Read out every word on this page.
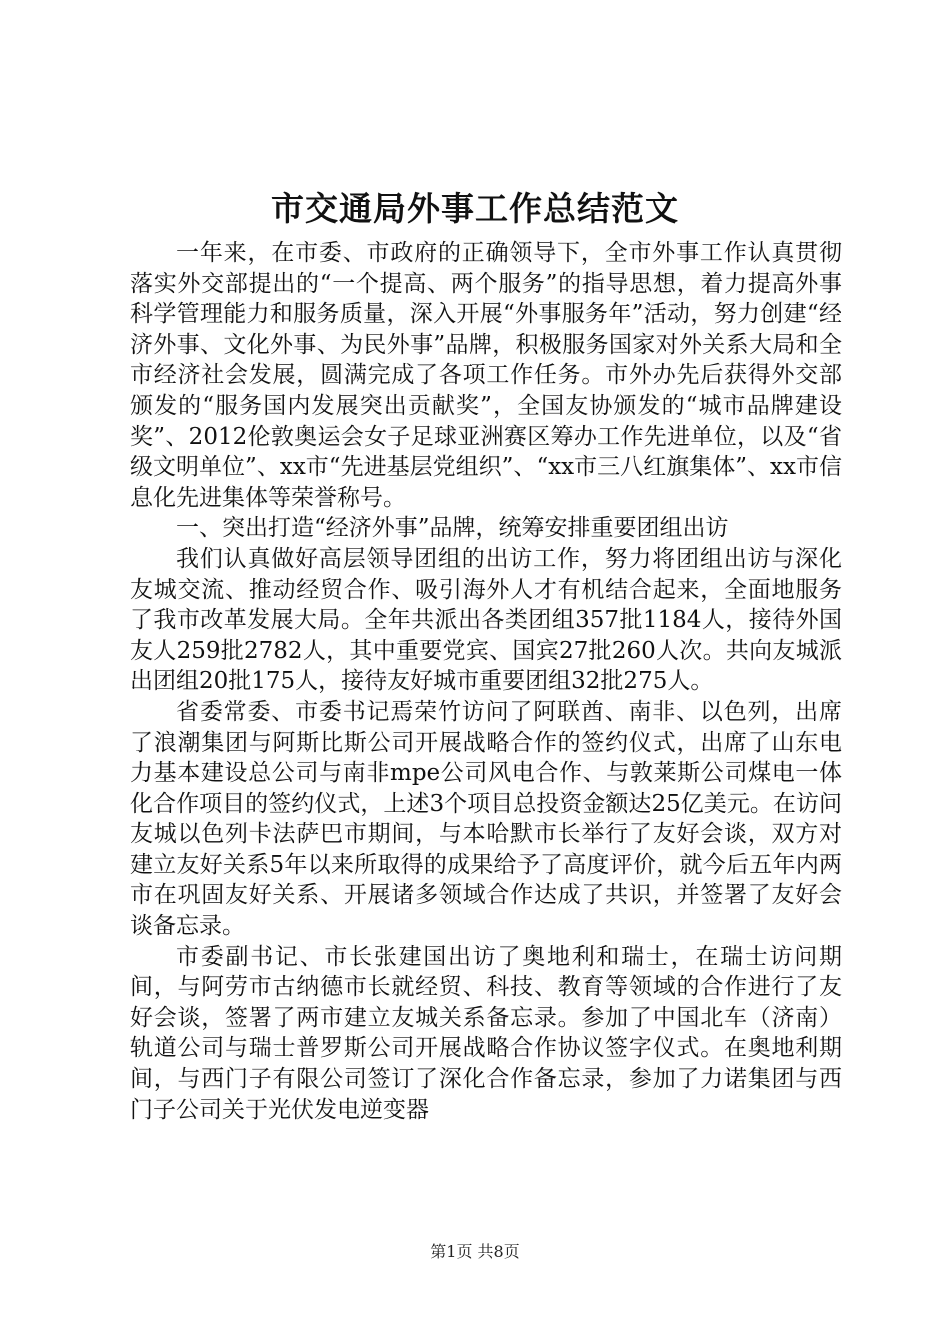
市交通局外事工作总结范文

一年来，在市委、市政府的正确领导下，全市外事工作认真贯彻落实外交部提出的“一个提高、两个服务”的指导思想，着力提高外事科学管理能力和服务质量，深入开展“外事服务年”活动，努力创建“经济外事、文化外事、为民外事”品牌，积极服务国家对外关系大局和全市经济社会发展，圆满完成了各项工作任务。市外办先后获得外交部颁发的“服务国内发展突出贡献奖”，全国友协颁发的“城市品牌建设奖”、2012伦敦奥运会女子足球亚洲赛区筹办工作先进单位，以及“省级文明单位”、xx市“先进基层党组织”、“xx市三八红旗集体”、xx市信息化先进集体等荣誉称号。

一、突出打造“经济外事”品牌，统筹安排重要团组出访

我们认真做好高层领导团组的出访工作，努力将团组出访与深化友城交流、推动经贸合作、吸引海外人才有机结合起来，全面地服务了我市改革发展大局。全年共派出各类团组357批1184人，接待外国友人259批2782人，其中重要党宾、国宾27批260人次。共向友城派出团组20批175人，接待友好城市重要团组32批275人。

省委常委、市委书记焉荣竹访问了阿联酋、南非、以色列，出席了浪潮集团与阿斯比斯公司开展战略合作的签约仪式，出席了山东电力基本建设总公司与南非mpe公司风电合作、与敦莱斯公司煤电一体化合作项目的签约仪式，上述3个项目总投资金额达25亿美元。在访问友城以色列卡法萨巴市期间，与本哈默市长举行了友好会谈，双方对建立友好关系5年以来所取得的成果给予了高度评价，就今后五年内两市在巩固友好关系、开展诸多领域合作达成了共识，并签署了友好会谈备忘录。

市委副书记、市长张建国出访了奥地利和瑞士，在瑞士访问期间，与阿劳市古纳德市长就经贸、科技、教育等领域的合作进行了友好会谈，签署了两市建立友城关系备忘录。参加了中国北车（济南）轨道公司与瑞士普罗斯公司开展战略合作协议签字仪式。在奥地利期间，与西门子有限公司签订了深化合作备忘录，参加了力诺集团与西门子公司关于光伏发电逆变器

第1页 共8页
